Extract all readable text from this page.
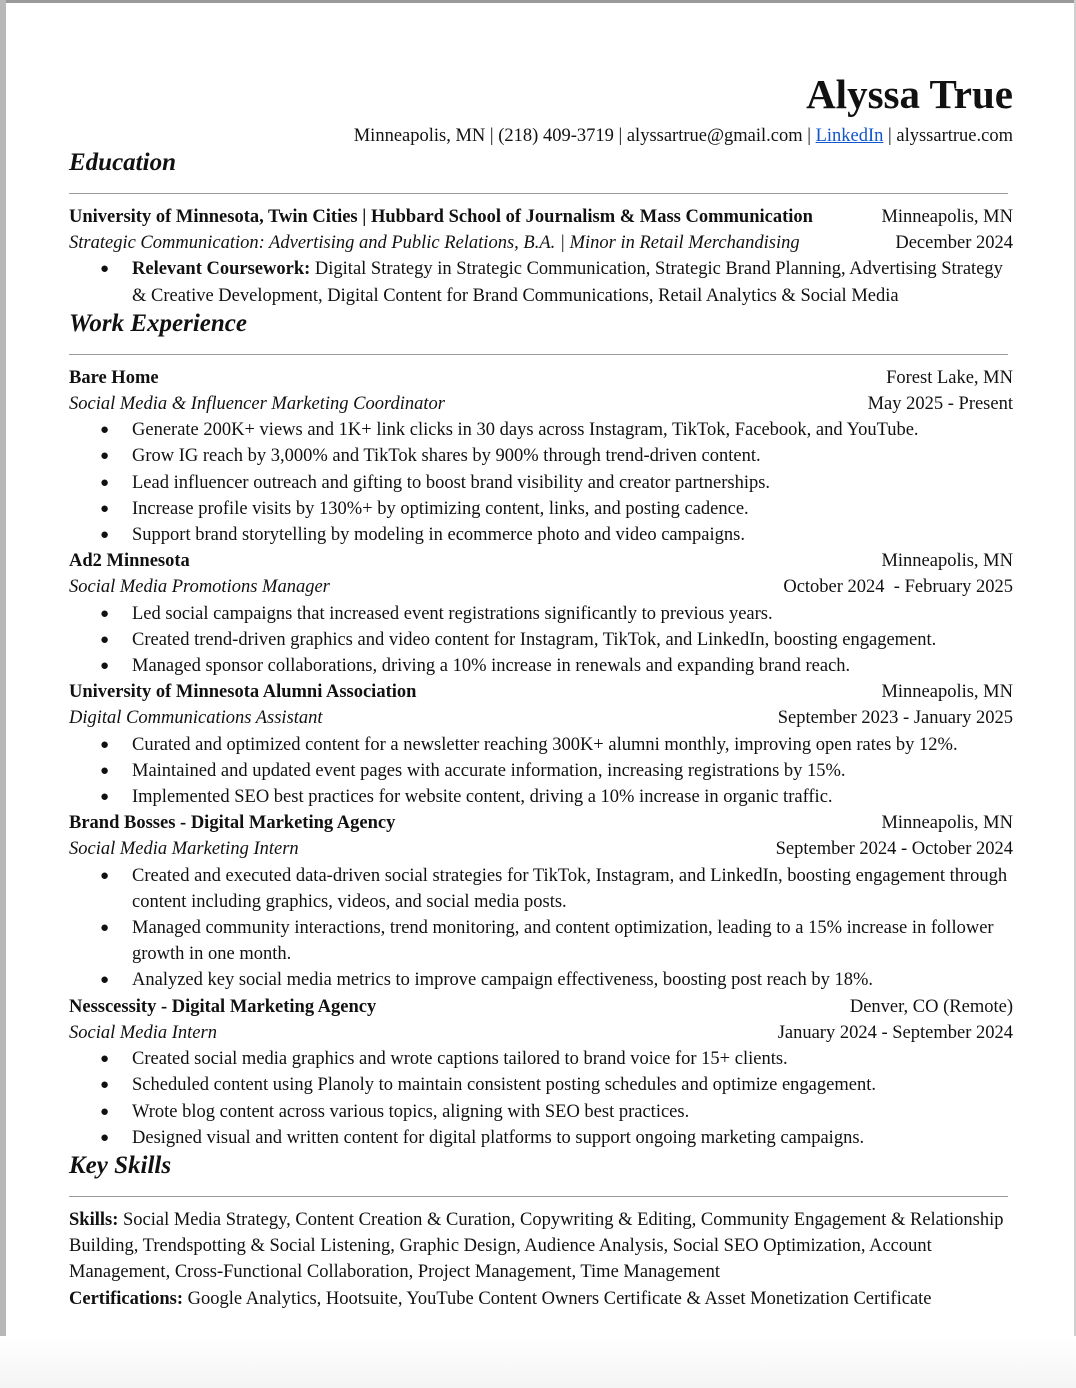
Alyssa True
Minneapolis, MN | (218) 409-3719 | alyssartrue@gmail.com | LinkedIn | alyssartrue.com
Education
University of Minnesota, Twin Cities | Hubbard School of Journalism & Mass Communication	Minneapolis, MN
Strategic Communication: Advertising and Public Relations, B.A. | Minor in Retail Merchandising	December 2024
● Relevant Coursework: Digital Strategy in Strategic Communication, Strategic Brand Planning, Advertising Strategy & Creative Development, Digital Content for Brand Communications, Retail Analytics & Social Media
Work Experience
Bare Home	Forest Lake, MN
Social Media & Influencer Marketing Coordinator	May 2025 - Present
● Generate 200K+ views and 1K+ link clicks in 30 days across Instagram, TikTok, Facebook, and YouTube.
● Grow IG reach by 3,000% and TikTok shares by 900% through trend-driven content.
● Lead influencer outreach and gifting to boost brand visibility and creator partnerships.
● Increase profile visits by 130%+ by optimizing content, links, and posting cadence.
● Support brand storytelling by modeling in ecommerce photo and video campaigns.
Ad2 Minnesota	Minneapolis, MN
Social Media Promotions Manager	October 2024  - February 2025
● Led social campaigns that increased event registrations significantly to previous years.
● Created trend-driven graphics and video content for Instagram, TikTok, and LinkedIn, boosting engagement.
● Managed sponsor collaborations, driving a 10% increase in renewals and expanding brand reach.
University of Minnesota Alumni Association	Minneapolis, MN
Digital Communications Assistant	September 2023 - January 2025
● Curated and optimized content for a newsletter reaching 300K+ alumni monthly, improving open rates by 12%.
● Maintained and updated event pages with accurate information, increasing registrations by 15%.
● Implemented SEO best practices for website content, driving a 10% increase in organic traffic.
Brand Bosses - Digital Marketing Agency	Minneapolis, MN
Social Media Marketing Intern	September 2024 - October 2024
● Created and executed data-driven social strategies for TikTok, Instagram, and LinkedIn, boosting engagement through content including graphics, videos, and social media posts.
● Managed community interactions, trend monitoring, and content optimization, leading to a 15% increase in follower growth in one month.
● Analyzed key social media metrics to improve campaign effectiveness, boosting post reach by 18%.
Nesscessity - Digital Marketing Agency	Denver, CO (Remote)
Social Media Intern	January 2024 - September 2024
● Created social media graphics and wrote captions tailored to brand voice for 15+ clients.
● Scheduled content using Planoly to maintain consistent posting schedules and optimize engagement.
● Wrote blog content across various topics, aligning with SEO best practices.
● Designed visual and written content for digital platforms to support ongoing marketing campaigns.
Key Skills

Skills: Social Media Strategy, Content Creation & Curation, Copywriting & Editing, Community Engagement & Relationship Building, Trendspotting & Social Listening, Graphic Design, Audience Analysis, Social SEO Optimization, Account Management, Cross-Functional Collaboration, Project Management, Time Management

Certifications: Google Analytics, Hootsuite, YouTube Content Owners Certificate & Asset Monetization Certificate
